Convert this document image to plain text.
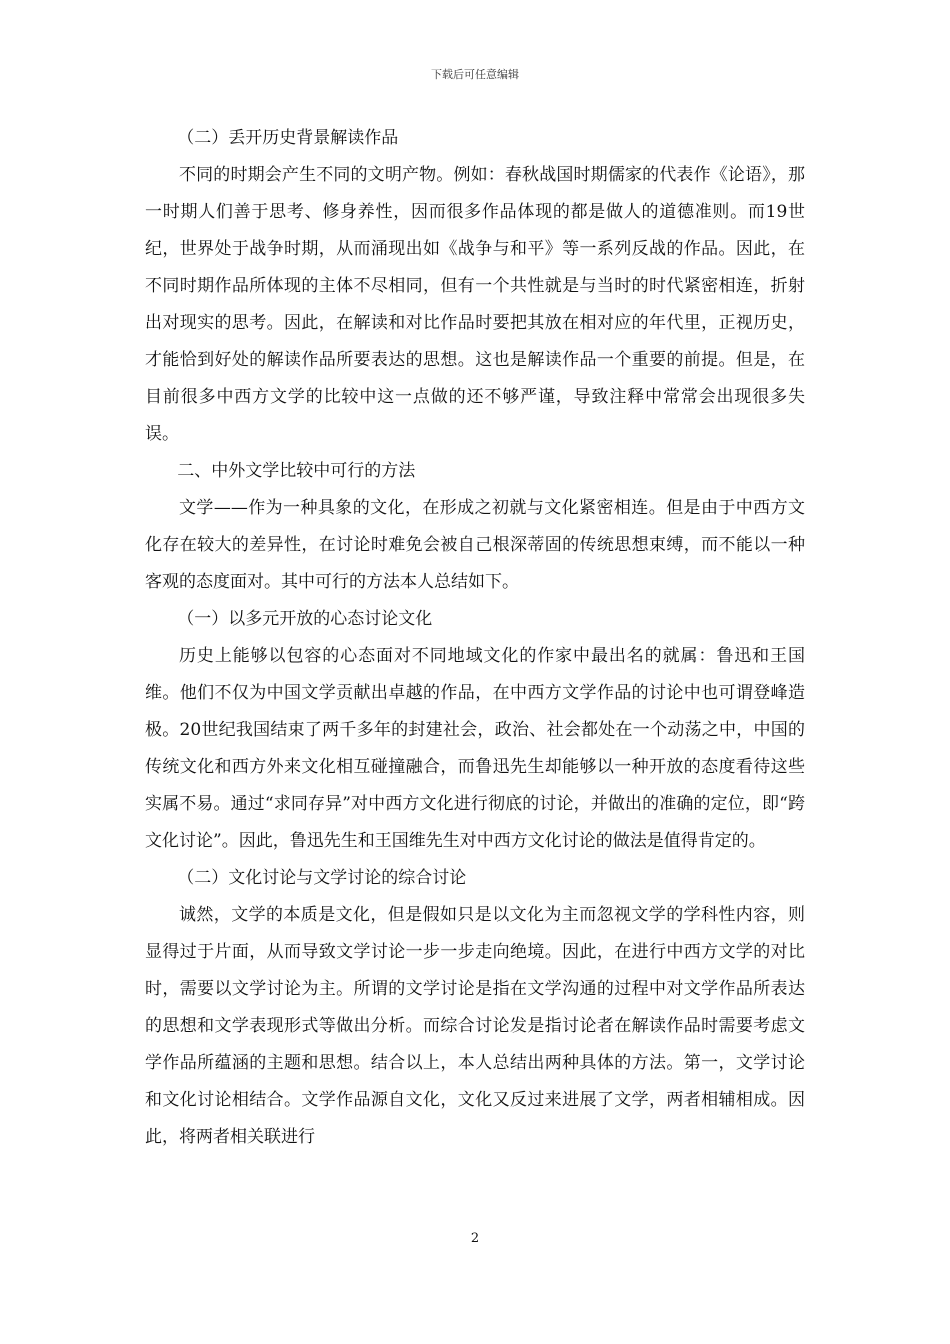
下载后可任意编辑

（二）丢开历史背景解读作品

不同的时期会产生不同的文明产物。例如：春秋战国时期儒家的代表作《论语》，那一时期人们善于思考、修身养性，因而很多作品体现的都是做人的道德准则。而19世纪，世界处于战争时期，从而涌现出如《战争与和平》等一系列反战的作品。因此，在不同时期作品所体现的主体不尽相同，但有一个共性就是与当时的时代紧密相连，折射出对现实的思考。因此，在解读和对比作品时要把其放在相对应的年代里，正视历史，才能恰到好处的解读作品所要表达的思想。这也是解读作品一个重要的前提。但是，在目前很多中西方文学的比较中这一点做的还不够严谨，导致注释中常常会出现很多失误。

二、中外文学比较中可行的方法

文学——作为一种具象的文化，在形成之初就与文化紧密相连。但是由于中西方文化存在较大的差异性，在讨论时难免会被自己根深蒂固的传统思想束缚，而不能以一种客观的态度面对。其中可行的方法本人总结如下。

（一）以多元开放的心态讨论文化

历史上能够以包容的心态面对不同地域文化的作家中最出名的就属：鲁迅和王国维。他们不仅为中国文学贡献出卓越的作品，在中西方文学作品的讨论中也可谓登峰造极。20世纪我国结束了两千多年的封建社会，政治、社会都处在一个动荡之中，中国的传统文化和西方外来文化相互碰撞融合，而鲁迅先生却能够以一种开放的态度看待这些实属不易。通过“求同存异”对中西方文化进行彻底的讨论，并做出的准确的定位，即“跨文化讨论”。因此，鲁迅先生和王国维先生对中西方文化讨论的做法是值得肯定的。

（二）文化讨论与文学讨论的综合讨论

诚然，文学的本质是文化，但是假如只是以文化为主而忽视文学的学科性内容，则显得过于片面，从而导致文学讨论一步一步走向绝境。因此，在进行中西方文学的对比时，需要以文学讨论为主。所谓的文学讨论是指在文学沟通的过程中对文学作品所表达的思想和文学表现形式等做出分析。而综合讨论发是指讨论者在解读作品时需要考虑文学作品所蕴涵的主题和思想。结合以上，本人总结出两种具体的方法。第一，文学讨论和文化讨论相结合。文学作品源自文化，文化又反过来进展了文学，两者相辅相成。因此，将两者相关联进行

2
